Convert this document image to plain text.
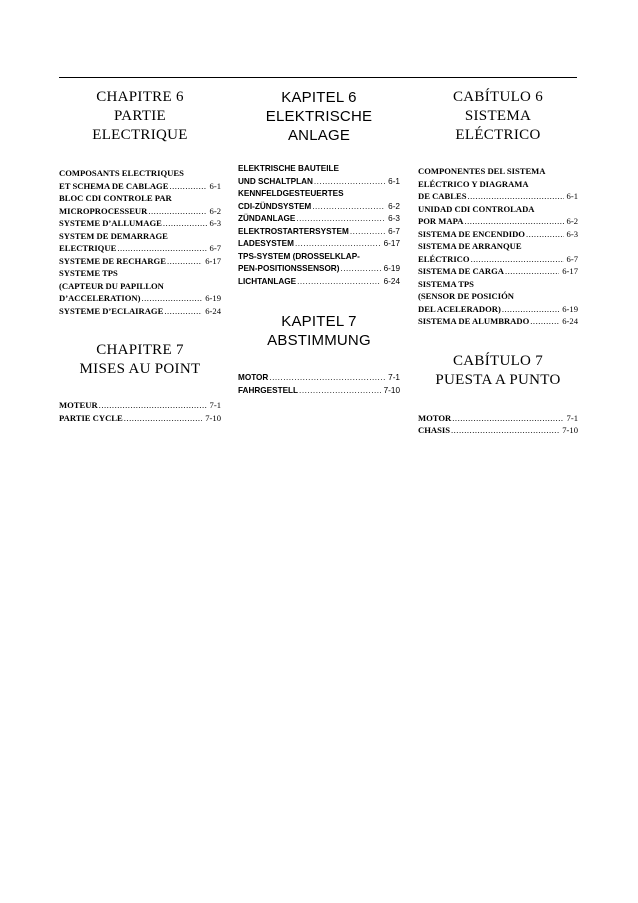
CHAPITRE 6
PARTIE
ELECTRIQUE
COMPOSANTS ELECTRIQUES
ET SCHEMA DE CABLAGE .....	6-1
BLOC CDI CONTROLE PAR
MICROPROCESSEUR .....	6-2
SYSTEME D’ALLUMAGE .....	6-3
SYSTEM DE DEMARRAGE
ELECTRIQUE .....	6-7
SYSTEME DE RECHARGE .....	6-17
SYSTEME TPS
(CAPTEUR DU PAPILLON
D’ACCELERATION) .....	6-19
SYSTEME D’ECLAIRAGE .....	6-24
CHAPITRE 7
MISES AU POINT
MOTEUR .....	7-1
PARTIE CYCLE .....	7-10
KAPITEL 6
ELEKTRISCHE
ANLAGE
ELEKTRISCHE BAUTEILE
UND SCHALTPLAN .....	6-1
KENNFELDGESTEUERTES
CDI-ZÜNDSYSTEM .....	6-2
ZÜNDANLAGE .....	6-3
ELEKTROSTARTERSYSTEM .....	6-7
LADESYSTEM .....	6-17
TPS-SYSTEM (DROSSELKLAP-
PEN-POSITIONSSENSOR) .....	6-19
LICHTANLAGE .....	6-24
KAPITEL 7
ABSTIMMUNG
MOTOR .....	7-1
FAHRGESTELL .....	7-10
CABÍTULO 6
SISTEMA
ELÉCTRICO
COMPONENTES DEL SISTEMA
ELÉCTRICO Y DIAGRAMA
DE CABLES .....	6-1
UNIDAD CDI CONTROLADA
POR MAPA .....	6-2
SISTEMA DE ENCENDIDO .....	6-3
SISTEMA DE ARRANQUE
ELÉCTRICO .....	6-7
SISTEMA DE CARGA .....	6-17
SISTEMA TPS
(SENSOR DE POSICIÓN
DEL ACELERADOR) .....	6-19
SISTEMA DE ALUMBRADO .....	6-24
CABÍTULO 7
PUESTA A PUNTO
MOTOR .....	7-1
CHASIS .....	7-10
